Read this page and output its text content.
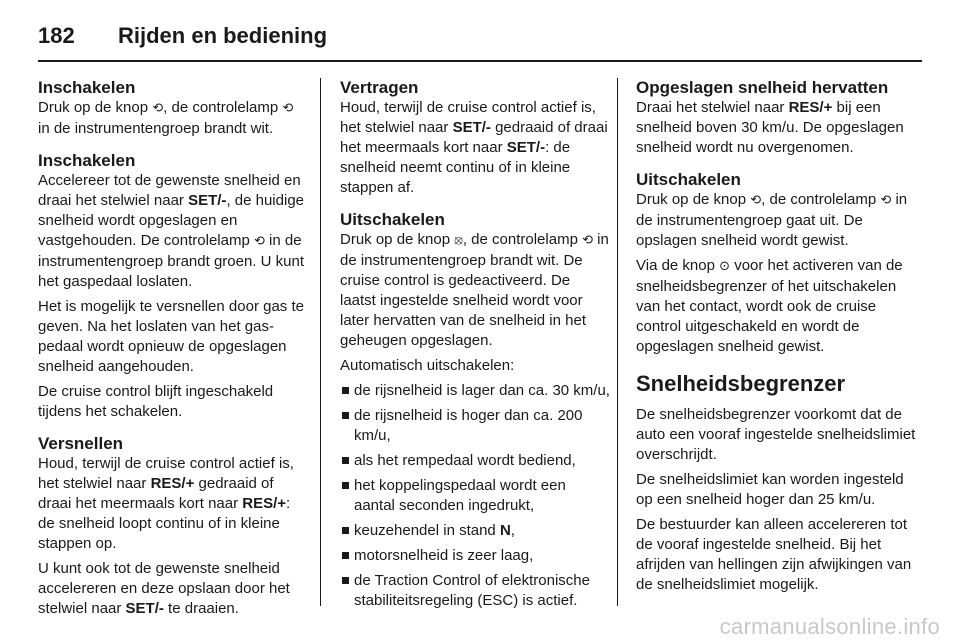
182	Rijden en bediening
Inschakelen

Druk op de knop ⟲, de controlelamp ⟲ in de instrumentengroep brandt wit.

Inschakelen

Accelereer tot de gewenste snelheid en draai het stelwiel naar SET/-, de huidige snelheid wordt opgeslagen en vastgehouden. De controlelamp ⟲ in de instrumentengroep brandt groen. U kunt het gaspedaal loslaten.

Het is mogelijk te versnellen door gas te geven. Na het loslaten van het gaspedaal wordt opnieuw de opgeslagen snelheid aangehouden.

De cruise control blijft ingeschakeld tijdens het schakelen.

Versnellen

Houd, terwijl de cruise control actief is, het stelwiel naar RES/+ gedraaid of draai het meermaals kort naar RES/+: de snelheid loopt continu of in kleine stappen op.

U kunt ook tot de gewenste snelheid accelereren en deze opslaan door het stelwiel naar SET/- te draaien.

Vertragen

Houd, terwijl de cruise control actief is, het stelwiel naar SET/- gedraaid of draai het meermaals kort naar SET/-: de snelheid neemt continu of in kleine stappen af.

Uitschakelen

Druk op de knop ⦻, de controlelamp ⟲ in de instrumentengroep brandt wit. De cruise control is gedeactiveerd. De laatst ingestelde snelheid wordt voor later hervatten van de snelheid in het geheugen opgeslagen.

Automatisch uitschakelen:

de rijsnelheid is lager dan ca. 30 km/u,
de rijsnelheid is hoger dan ca. 200 km/u,
als het rempedaal wordt bediend,
het koppelingspedaal wordt een aantal seconden ingedrukt,
keuzehendel in stand N,
motorsnelheid is zeer laag,
de Traction Control of elektronische stabiliteitsregeling (ESC) is actief.
Opgeslagen snelheid hervatten

Draai het stelwiel naar RES/+ bij een snelheid boven 30 km/u. De opgeslagen snelheid wordt nu overgenomen.

Uitschakelen

Druk op de knop ⟲, de controlelamp ⟲ in de instrumentengroep gaat uit. De opslagen snelheid wordt gewist.

Via de knop ⊙ voor het activeren van de snelheidsbegrenzer of het uitschakelen van het contact, wordt ook de cruise control uitgeschakeld en wordt de opgeslagen snelheid gewist.

Snelheidsbegrenzer

De snelheidsbegrenzer voorkomt dat de auto een vooraf ingestelde snelheidslimiet overschrijdt.

De snelheidslimiet kan worden ingesteld op een snelheid hoger dan 25 km/u.

De bestuurder kan alleen accelereren tot de vooraf ingestelde snelheid. Bij het afrijden van hellingen zijn afwijkingen van de snelheidslimiet mogelijk.

carmanualsonline.info
